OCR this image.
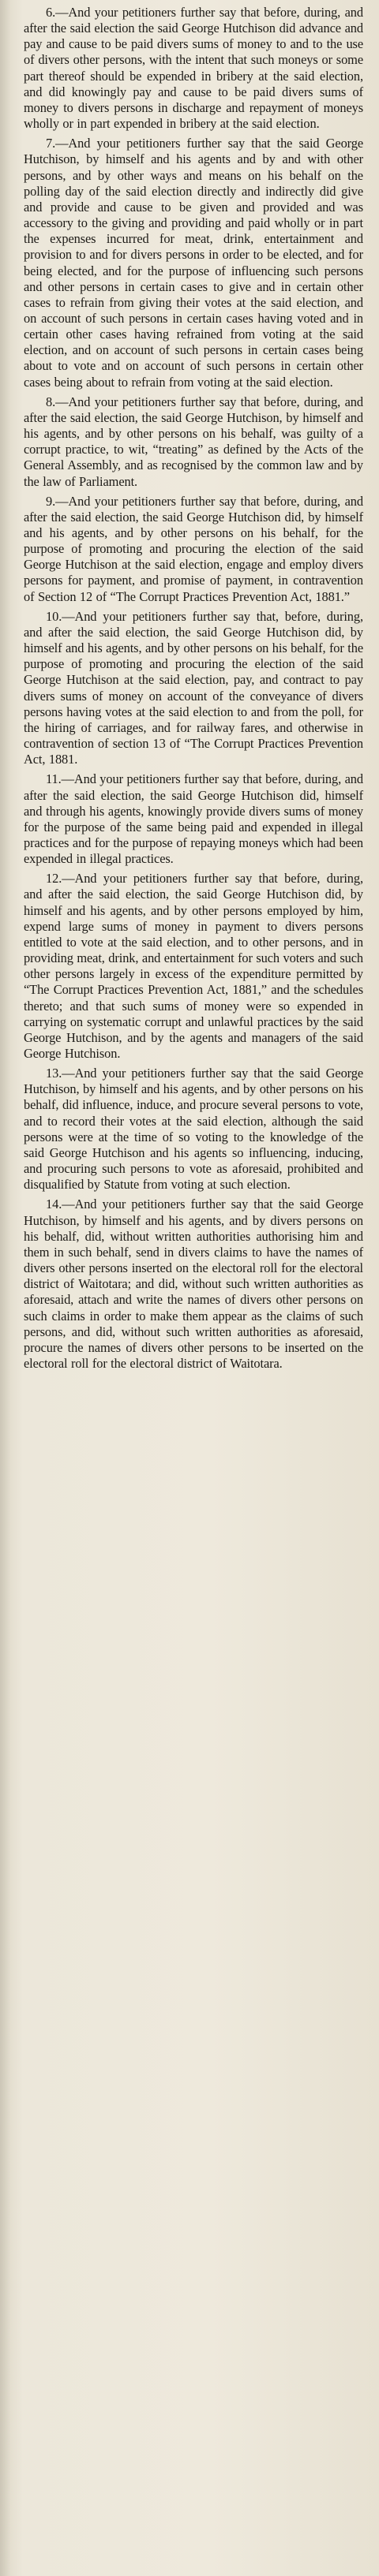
6.—And your petitioners further say that before, during, and after the said election the said George Hutchison did advance and pay and cause to be paid divers sums of money to and to the use of divers other persons, with the intent that such moneys or some part thereof should be expended in bribery at the said election, and did knowingly pay and cause to be paid divers sums of money to divers persons in discharge and repayment of moneys wholly or in part expended in bribery at the said election.

7.—And your petitioners further say that the said George Hutchison, by himself and his agents and by and with other persons, and by other ways and means on his behalf on the polling day of the said election directly and indirectly did give and provide and cause to be given and provided and was accessory to the giving and providing and paid wholly or in part the expenses incurred for meat, drink, entertainment and provision to and for divers persons in order to be elected, and for being elected, and for the purpose of influencing such persons and other persons in certain cases to give and in certain other cases to refrain from giving their votes at the said election, and on account of such persons in certain cases having voted and in certain other cases having refrained from voting at the said election, and on account of such persons in certain cases being about to vote and on account of such persons in certain other cases being about to refrain from voting at the said election.

8.—And your petitioners further say that before, during, and after the said election, the said George Hutchison, by himself and his agents, and by other persons on his behalf, was guilty of a corrupt practice, to wit, “treating” as defined by the Acts of the General Assembly, and as recognised by the common law and by the law of Parliament.

9.—And your petitioners further say that before, during, and after the said election, the said George Hutchison did, by himself and his agents, and by other persons on his behalf, for the purpose of promoting and procuring the election of the said George Hutchison at the said election, engage and employ divers persons for payment, and promise of payment, in contravention of Section 12 of “The Corrupt Practices Prevention Act, 1881.”

10.—And your petitioners further say that, before, during, and after the said election, the said George Hutchison did, by himself and his agents, and by other persons on his behalf, for the purpose of promoting and procuring the election of the said George Hutchison at the said election, pay, and contract to pay divers sums of money on account of the conveyance of divers persons having votes at the said election to and from the poll, for the hiring of carriages, and for railway fares, and otherwise in contravention of section 13 of “The Corrupt Practices Prevention Act, 1881.

11.—And your petitioners further say that before, during, and after the said election, the said George Hutchison did, himself and through his agents, knowingly provide divers sums of money for the purpose of the same being paid and expended in illegal practices and for the purpose of repaying moneys which had been expended in illegal practices.

12.—And your petitioners further say that before, during, and after the said election, the said George Hutchison did, by himself and his agents, and by other persons employed by him, expend large sums of money in payment to divers persons entitled to vote at the said election, and to other persons, and in providing meat, drink, and entertainment for such voters and such other persons largely in excess of the expenditure permitted by “The Corrupt Practices Prevention Act, 1881,” and the schedules thereto; and that such sums of money were so expended in carrying on systematic corrupt and unlawful practices by the said George Hutchison, and by the agents and managers of the said George Hutchison.

13.—And your petitioners further say that the said George Hutchison, by himself and his agents, and by other persons on his behalf, did influence, induce, and procure several persons to vote, and to record their votes at the said election, although the said persons were at the time of so voting to the knowledge of the said George Hutchison and his agents so influencing, inducing, and procuring such persons to vote as aforesaid, prohibited and disqualified by Statute from voting at such election.

14.—And your petitioners further say that the said George Hutchison, by himself and his agents, and by divers persons on his behalf, did, without written authorities authorising him and them in such behalf, send in divers claims to have the names of divers other persons inserted on the electoral roll for the electoral district of Waitotara; and did, without such written authorities as aforesaid, attach and write the names of divers other persons on such claims in order to make them appear as the claims of such persons, and did, without such written authorities as aforesaid, procure the names of divers other persons to be inserted on the electoral roll for the electoral district of Waitotara.
